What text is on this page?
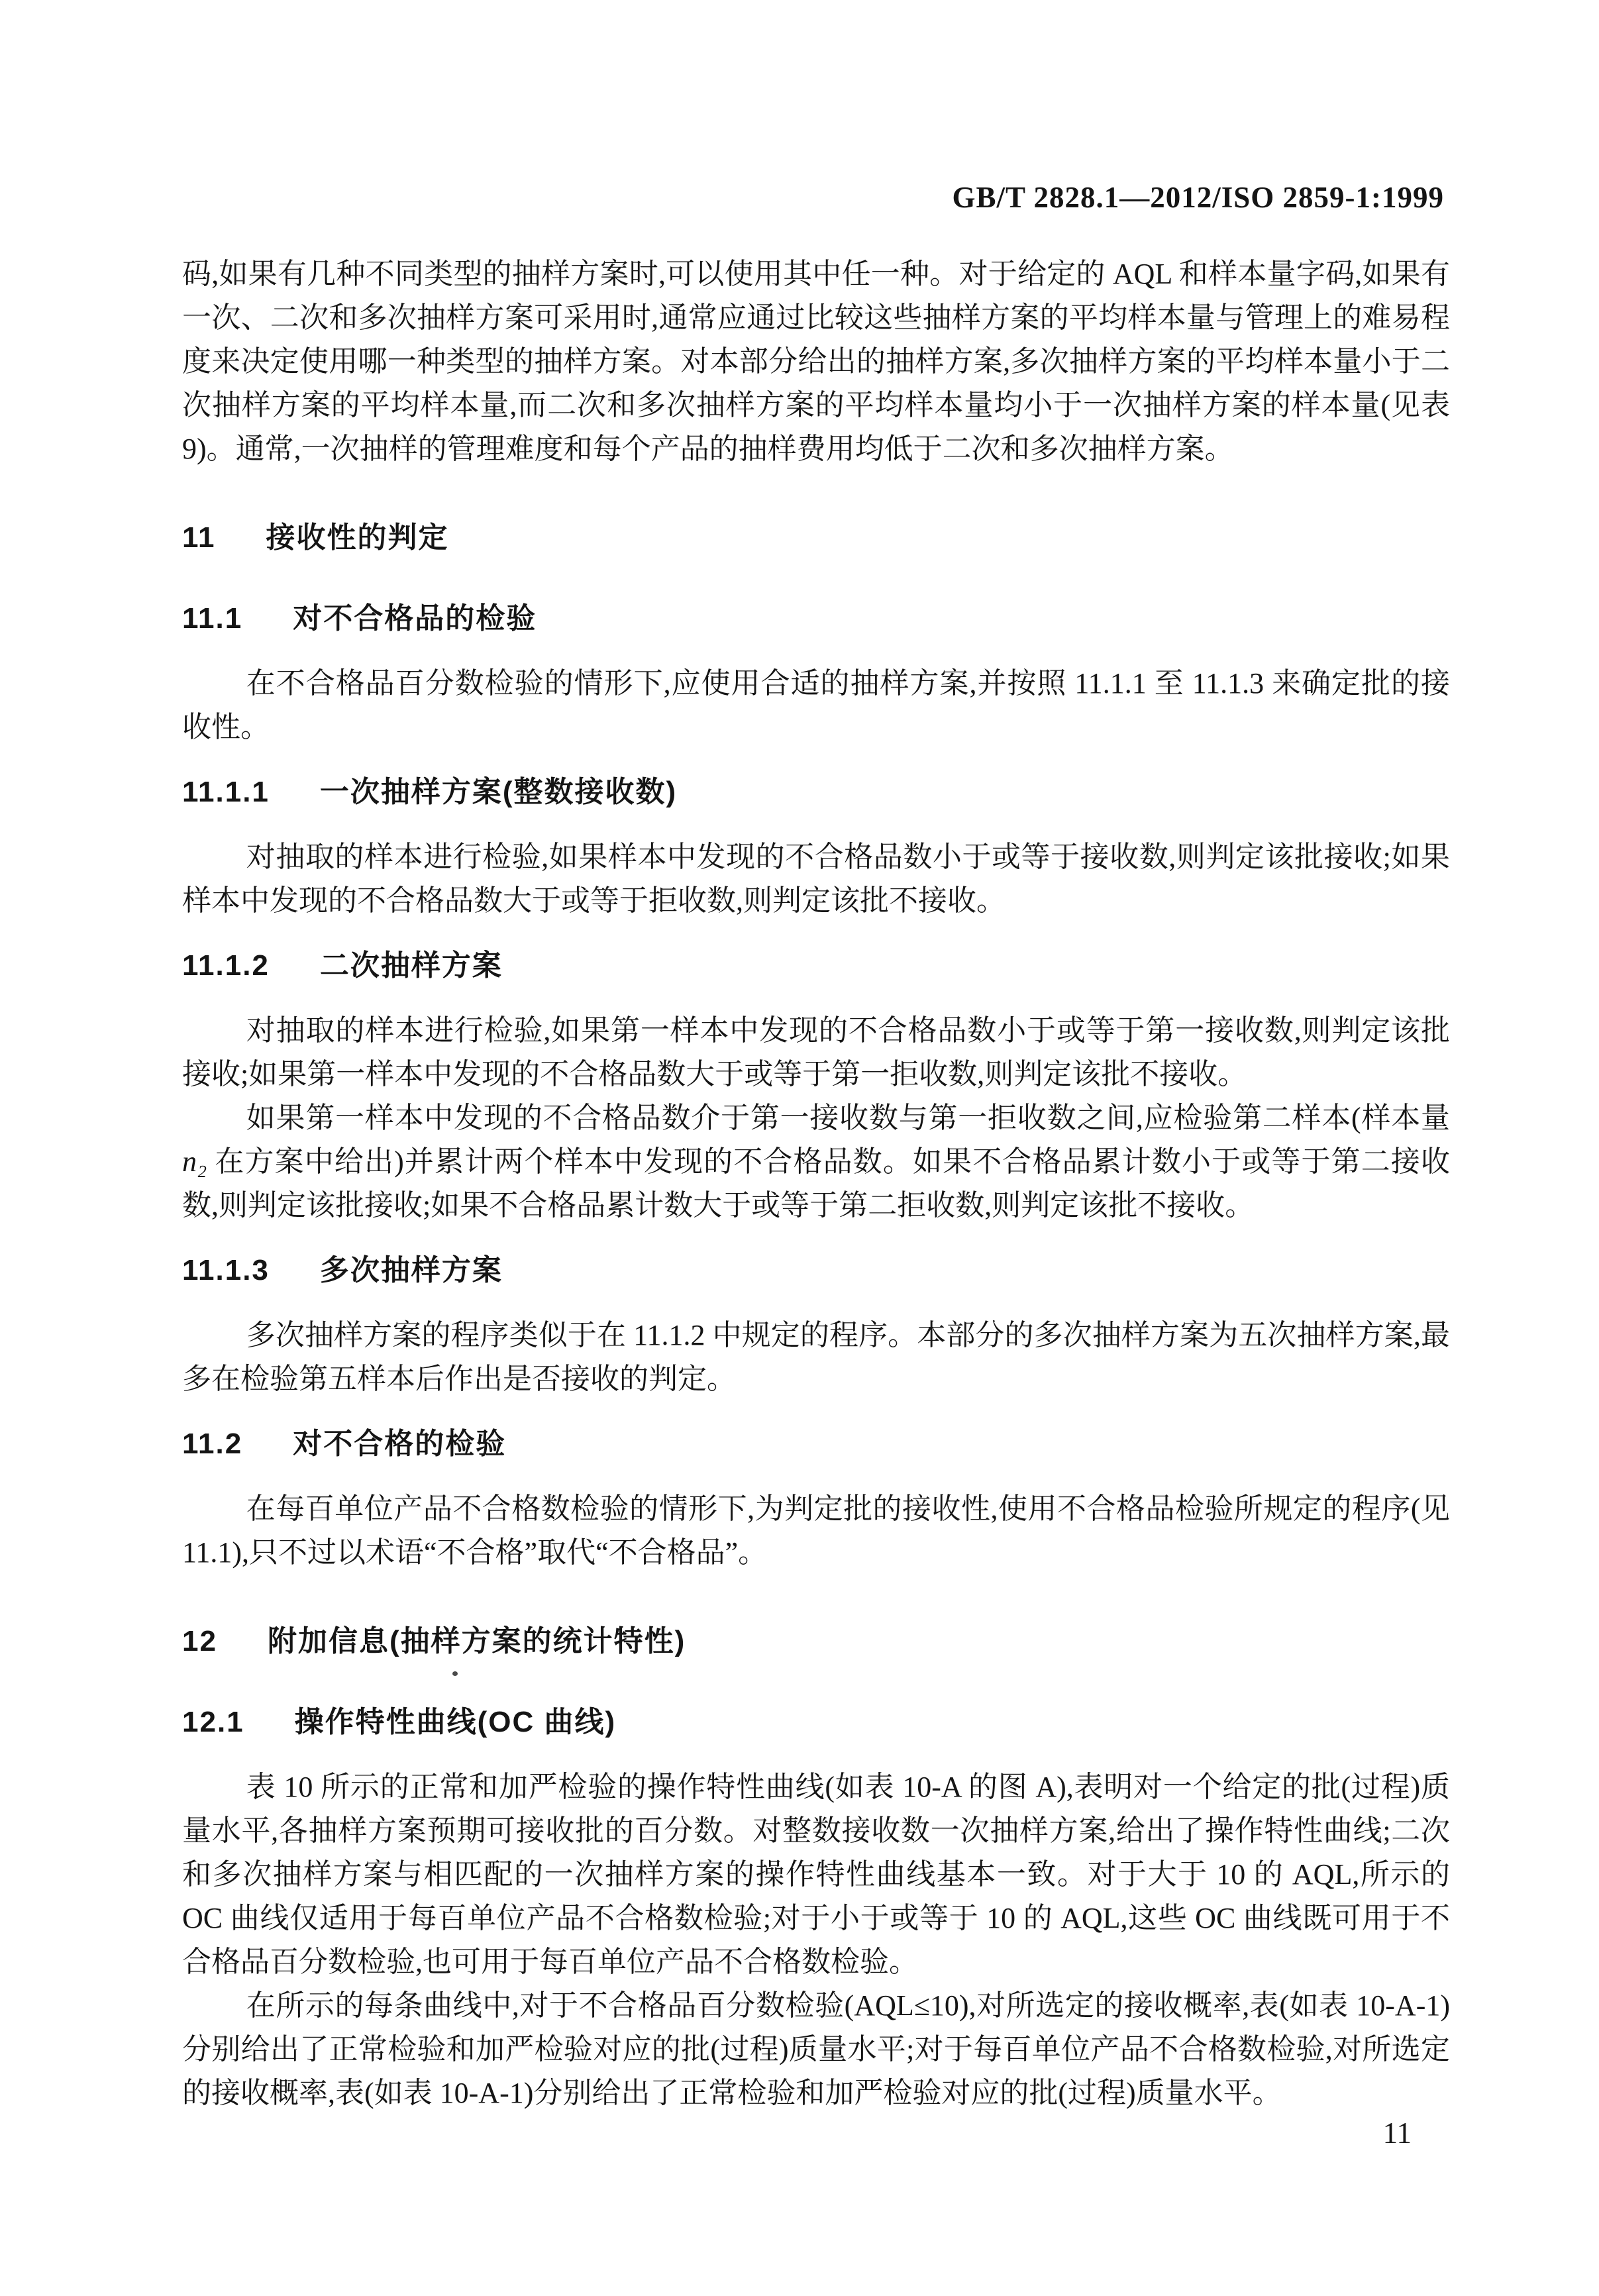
GB/T 2828.1—2012/ISO 2859-1:1999

码,如果有几种不同类型的抽样方案时,可以使用其中任一种。对于给定的 AQL 和样本量字码,如果有一次、二次和多次抽样方案可采用时,通常应通过比较这些抽样方案的平均样本量与管理上的难易程度来决定使用哪一种类型的抽样方案。对本部分给出的抽样方案,多次抽样方案的平均样本量小于二次抽样方案的平均样本量,而二次和多次抽样方案的平均样本量均小于一次抽样方案的样本量(见表 9)。通常,一次抽样的管理难度和每个产品的抽样费用均低于二次和多次抽样方案。

11 接收性的判定
11.1 对不合格品的检验

在不合格品百分数检验的情形下,应使用合适的抽样方案,并按照 11.1.1 至 11.1.3 来确定批的接收性。

11.1.1 一次抽样方案(整数接收数)

对抽取的样本进行检验,如果样本中发现的不合格品数小于或等于接收数,则判定该批接收;如果样本中发现的不合格品数大于或等于拒收数,则判定该批不接收。

11.1.2 二次抽样方案

对抽取的样本进行检验,如果第一样本中发现的不合格品数小于或等于第一接收数,则判定该批接收;如果第一样本中发现的不合格品数大于或等于第一拒收数,则判定该批不接收。

如果第一样本中发现的不合格品数介于第一接收数与第一拒收数之间,应检验第二样本(样本量 n₂ 在方案中给出)并累计两个样本中发现的不合格品数。如果不合格品累计数小于或等于第二接收数,则判定该批接收;如果不合格品累计数大于或等于第二拒收数,则判定该批不接收。

11.1.3 多次抽样方案

多次抽样方案的程序类似于在 11.1.2 中规定的程序。本部分的多次抽样方案为五次抽样方案,最多在检验第五样本后作出是否接收的判定。

11.2 对不合格的检验

在每百单位产品不合格数检验的情形下,为判定批的接收性,使用不合格品检验所规定的程序(见 11.1),只不过以术语“不合格”取代“不合格品”。

12 附加信息(抽样方案的统计特性)
12.1 操作特性曲线(OC 曲线)

表 10 所示的正常和加严检验的操作特性曲线(如表 10-A 的图 A),表明对一个给定的批(过程)质量水平,各抽样方案预期可接收批的百分数。对整数接收数一次抽样方案,给出了操作特性曲线;二次和多次抽样方案与相匹配的一次抽样方案的操作特性曲线基本一致。对于大于 10 的 AQL,所示的 OC 曲线仅适用于每百单位产品不合格数检验;对于小于或等于 10 的 AQL,这些 OC 曲线既可用于不合格品百分数检验,也可用于每百单位产品不合格数检验。

在所示的每条曲线中,对于不合格品百分数检验(AQL≤10),对所选定的接收概率,表(如表 10-A-1)分别给出了正常检验和加严检验对应的批(过程)质量水平;对于每百单位产品不合格数检验,对所选定的接收概率,表(如表 10-A-1)分别给出了正常检验和加严检验对应的批(过程)质量水平。

11
